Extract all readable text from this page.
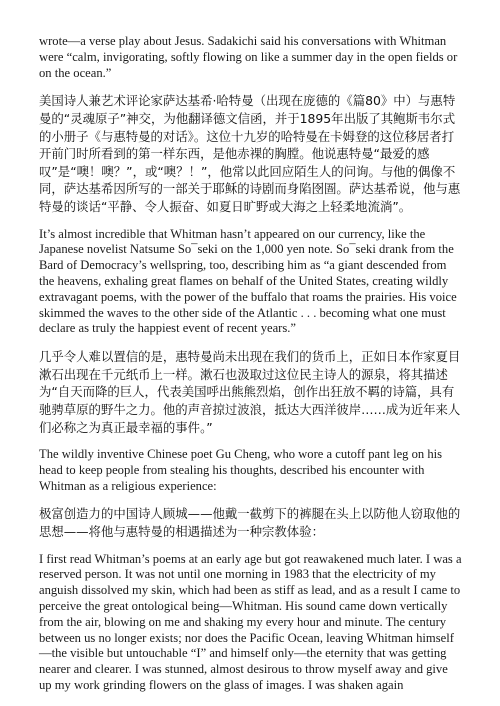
wrote—a verse play about Jesus. Sadakichi said his conversations with Whitman were “calm, invigorating, softly flowing on like a summer day in the open fields or on the ocean.”

美国诗人兼艺术评论家萨达基希·哈特曼（出现在庞德的《篇80》中）与惠特曼的“灵魂原子”神交，为他翻译德文信函，并于1895年出版了其鲍斯韦尔式的小册子《与惠特曼的对话》。这位十九岁的哈特曼在卡姆登的这位移居者打开前门时所看到的第一样东西，是他赤裸的胸膛。他说惠特曼“最爱的感叹”是“噢！噢？”，或“噢？！”，他常以此回应陌生人的问询。与他的偶像不同，萨达基希因所写的一部关于耶稣的诗剧而身陷囹圄。萨达基希说，他与惠特曼的谈话“平静、令人振奋、如夏日旷野或大海之上轻柔地流淌”。

It’s almost incredible that Whitman hasn’t appeared on our currency, like the Japanese novelist Natsume So¯seki on the 1,000 yen note. So¯seki drank from the Bard of Democracy’s wellspring, too, describing him as “a giant descended from the heavens, exhaling great flames on behalf of the United States, creating wildly extravagant poems, with the power of the buffalo that roams the prairies. His voice skimmed the waves to the other side of the Atlantic . . . becoming what one must declare as truly the happiest event of recent years.”

几乎令人难以置信的是，惠特曼尚未出现在我们的货币上，正如日本作家夏目漱石出现在千元纸币上一样。漱石也汲取过这位民主诗人的源泉，将其描述为“自天而降的巨人，代表美国呼出熊熊烈焰，创作出狂放不羁的诗篇，具有驰骋草原的野牛之力。他的声音掠过波浪，抵达大西洋彼岸……成为近年来人们必称之为真正最幸福的事件。”

The wildly inventive Chinese poet Gu Cheng, who wore a cutoff pant leg on his head to keep people from stealing his thoughts, described his encounter with Whitman as a religious experience:

极富创造力的中国诗人顾城——他戴一截剪下的裤腿在头上以防他人窃取他的思想——将他与惠特曼的相遇描述为一种宗教体验：

I first read Whitman’s poems at an early age but got reawakened much later. I was a reserved person. It was not until one morning in 1983 that the electricity of my anguish dissolved my skin, which had been as stiff as lead, and as a result I came to perceive the great ontological being—Whitman. His sound came down vertically from the air, blowing on me and shaking my every hour and minute. The century between us no longer exists; nor does the Pacific Ocean, leaving Whitman himself—the visible but untouchable “I” and himself only—the eternity that was getting nearer and clearer. I was stunned, almost desirous to throw myself away and give up my work grinding flowers on the glass of images. I was shaken again
